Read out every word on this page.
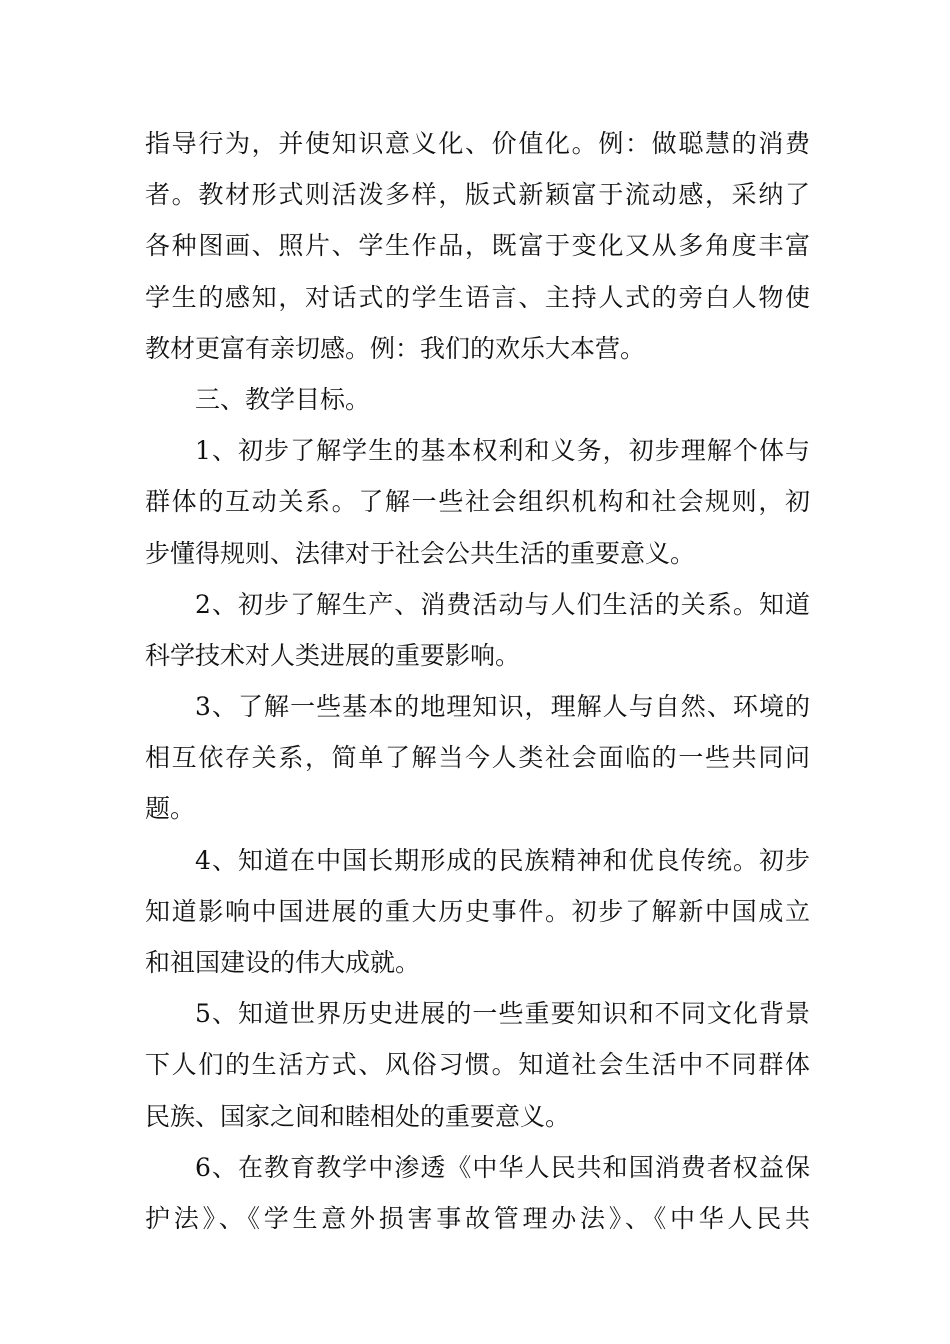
指导行为，并使知识意义化、价值化。例：做聪慧的消费
者。教材形式则活泼多样，版式新颖富于流动感，采纳了
各种图画、照片、学生作品，既富于变化又从多角度丰富
学生的感知，对话式的学生语言、主持人式的旁白人物使
教材更富有亲切感。例：我们的欢乐大本营。
三、教学目标。
1、初步了解学生的基本权利和义务，初步理解个体与
群体的互动关系。了解一些社会组织机构和社会规则，初
步懂得规则、法律对于社会公共生活的重要意义。
2、初步了解生产、消费活动与人们生活的关系。知道
科学技术对人类进展的重要影响。
3、了解一些基本的地理知识，理解人与自然、环境的
相互依存关系，简单了解当今人类社会面临的一些共同问
题。
4、知道在中国长期形成的民族精神和优良传统。初步
知道影响中国进展的重大历史事件。初步了解新中国成立
和祖国建设的伟大成就。
5、知道世界历史进展的一些重要知识和不同文化背景
下人们的生活方式、风俗习惯。知道社会生活中不同群体
民族、国家之间和睦相处的重要意义。
6、在教育教学中渗透《中华人民共和国消费者权益保
护法》、《学生意外损害事故管理办法》、《中华人民共
